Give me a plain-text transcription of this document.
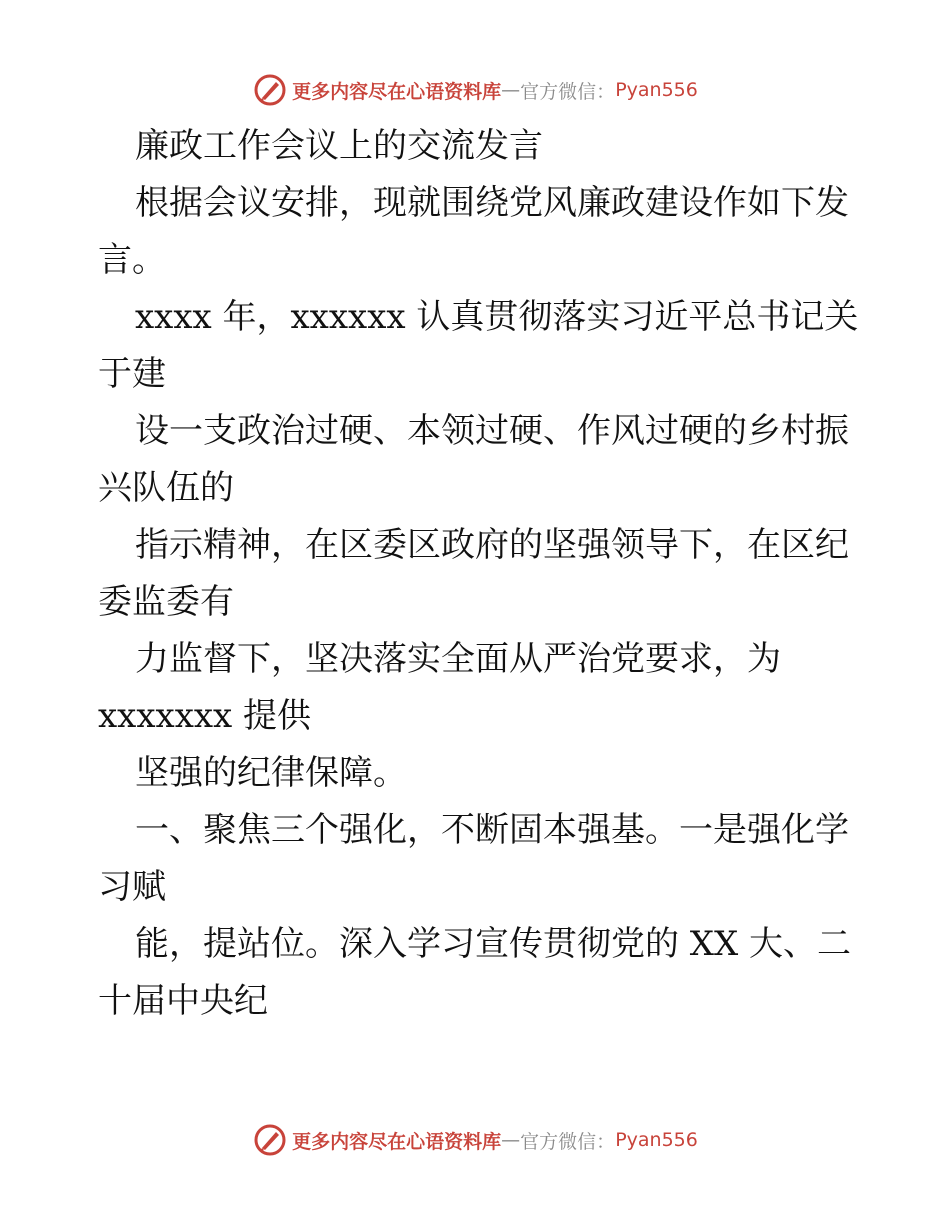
更多内容尽在心语资料库 — 官方微信： Pyan556
廉政工作会议上的交流发言
根据会议安排，现就围绕党风廉政建设作如下发
言。
xxxx 年，xxxxxx 认真贯彻落实习近平总书记关
于建
设一支政治过硬、本领过硬、作风过硬的乡村振
兴队伍的
指示精神，在区委区政府的坚强领导下，在区纪
委监委有
力监督下，坚决落实全面从严治党要求，为
xxxxxxx 提供
坚强的纪律保障。
一、聚焦三个强化，不断固本强基。一是强化学
习赋
能，提站位。深入学习宣传贯彻党的 XX 大、二
十届中央纪
更多内容尽在心语资料库 — 官方微信： Pyan556
